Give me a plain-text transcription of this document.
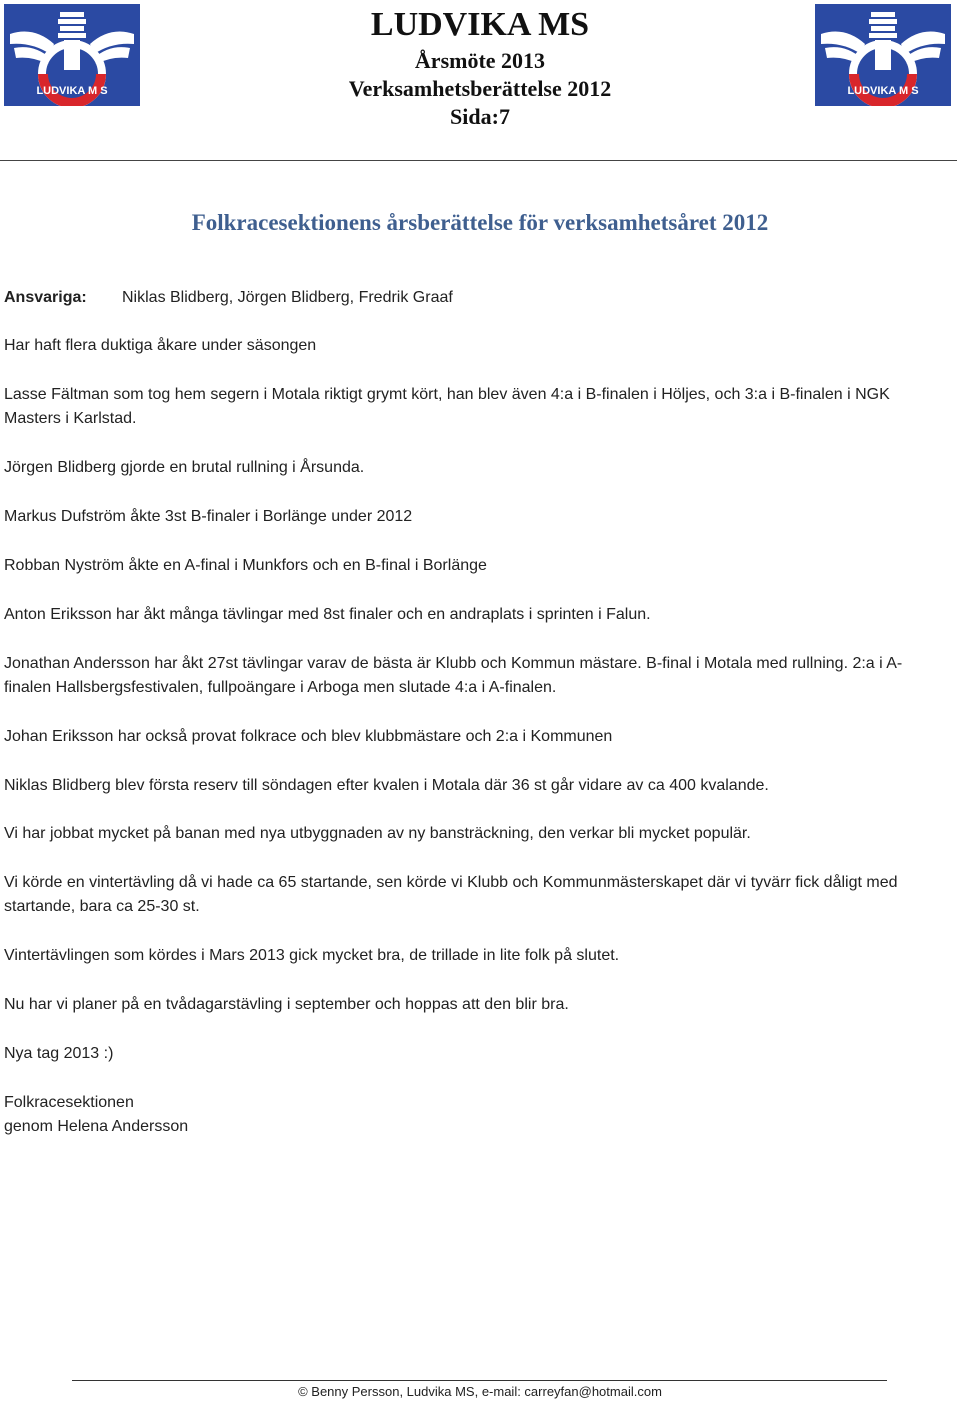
LUDVIKA M S	LUDVIKA M S
LUDVIKA MS
Årsmöte 2013
Verksamhetsberättelse 2012
Sida:7
Folkracesektionens årsberättelse för verksamhetsåret 2012
Ansvariga: Niklas Blidberg, Jörgen Blidberg, Fredrik Graaf
Har haft flera duktiga åkare under säsongen
Lasse Fältman som tog hem segern i Motala riktigt grymt kört, han blev även 4:a i B-finalen i Höljes, och 3:a i B-finalen i NGK Masters i Karlstad.
Jörgen Blidberg gjorde en brutal rullning i Årsunda.
Markus Dufström åkte 3st B-finaler i Borlänge under 2012
Robban Nyström åkte en A-final i Munkfors och en B-final i Borlänge
Anton Eriksson har åkt många tävlingar med 8st finaler och en andraplats i sprinten i Falun.
Jonathan Andersson har åkt 27st tävlingar varav de bästa är Klubb och Kommun mästare. B-final i Motala med rullning. 2:a i A-finalen Hallsbergsfestivalen, fullpoängare i Arboga men slutade 4:a i A-finalen.
Johan Eriksson har också provat folkrace och blev klubbmästare och 2:a i Kommunen
Niklas Blidberg blev första reserv till söndagen efter kvalen i Motala där 36 st går vidare av ca 400 kvalande.
Vi har jobbat mycket på banan med nya utbyggnaden av ny bansträckning, den verkar bli mycket populär.
Vi körde en vintertävling då vi hade ca 65 startande, sen körde vi Klubb och Kommunmästerskapet där vi tyvärr fick dåligt med startande, bara ca 25-30 st.
Vintertävlingen som kördes i Mars 2013 gick mycket bra, de trillade in lite folk på slutet.
Nu har vi planer på en tvådagarstävling i september och hoppas att den blir bra.
Nya tag 2013 :)
Folkracesektionen
genom Helena Andersson
© Benny Persson, Ludvika MS, e-mail: carreyfan@hotmail.com
